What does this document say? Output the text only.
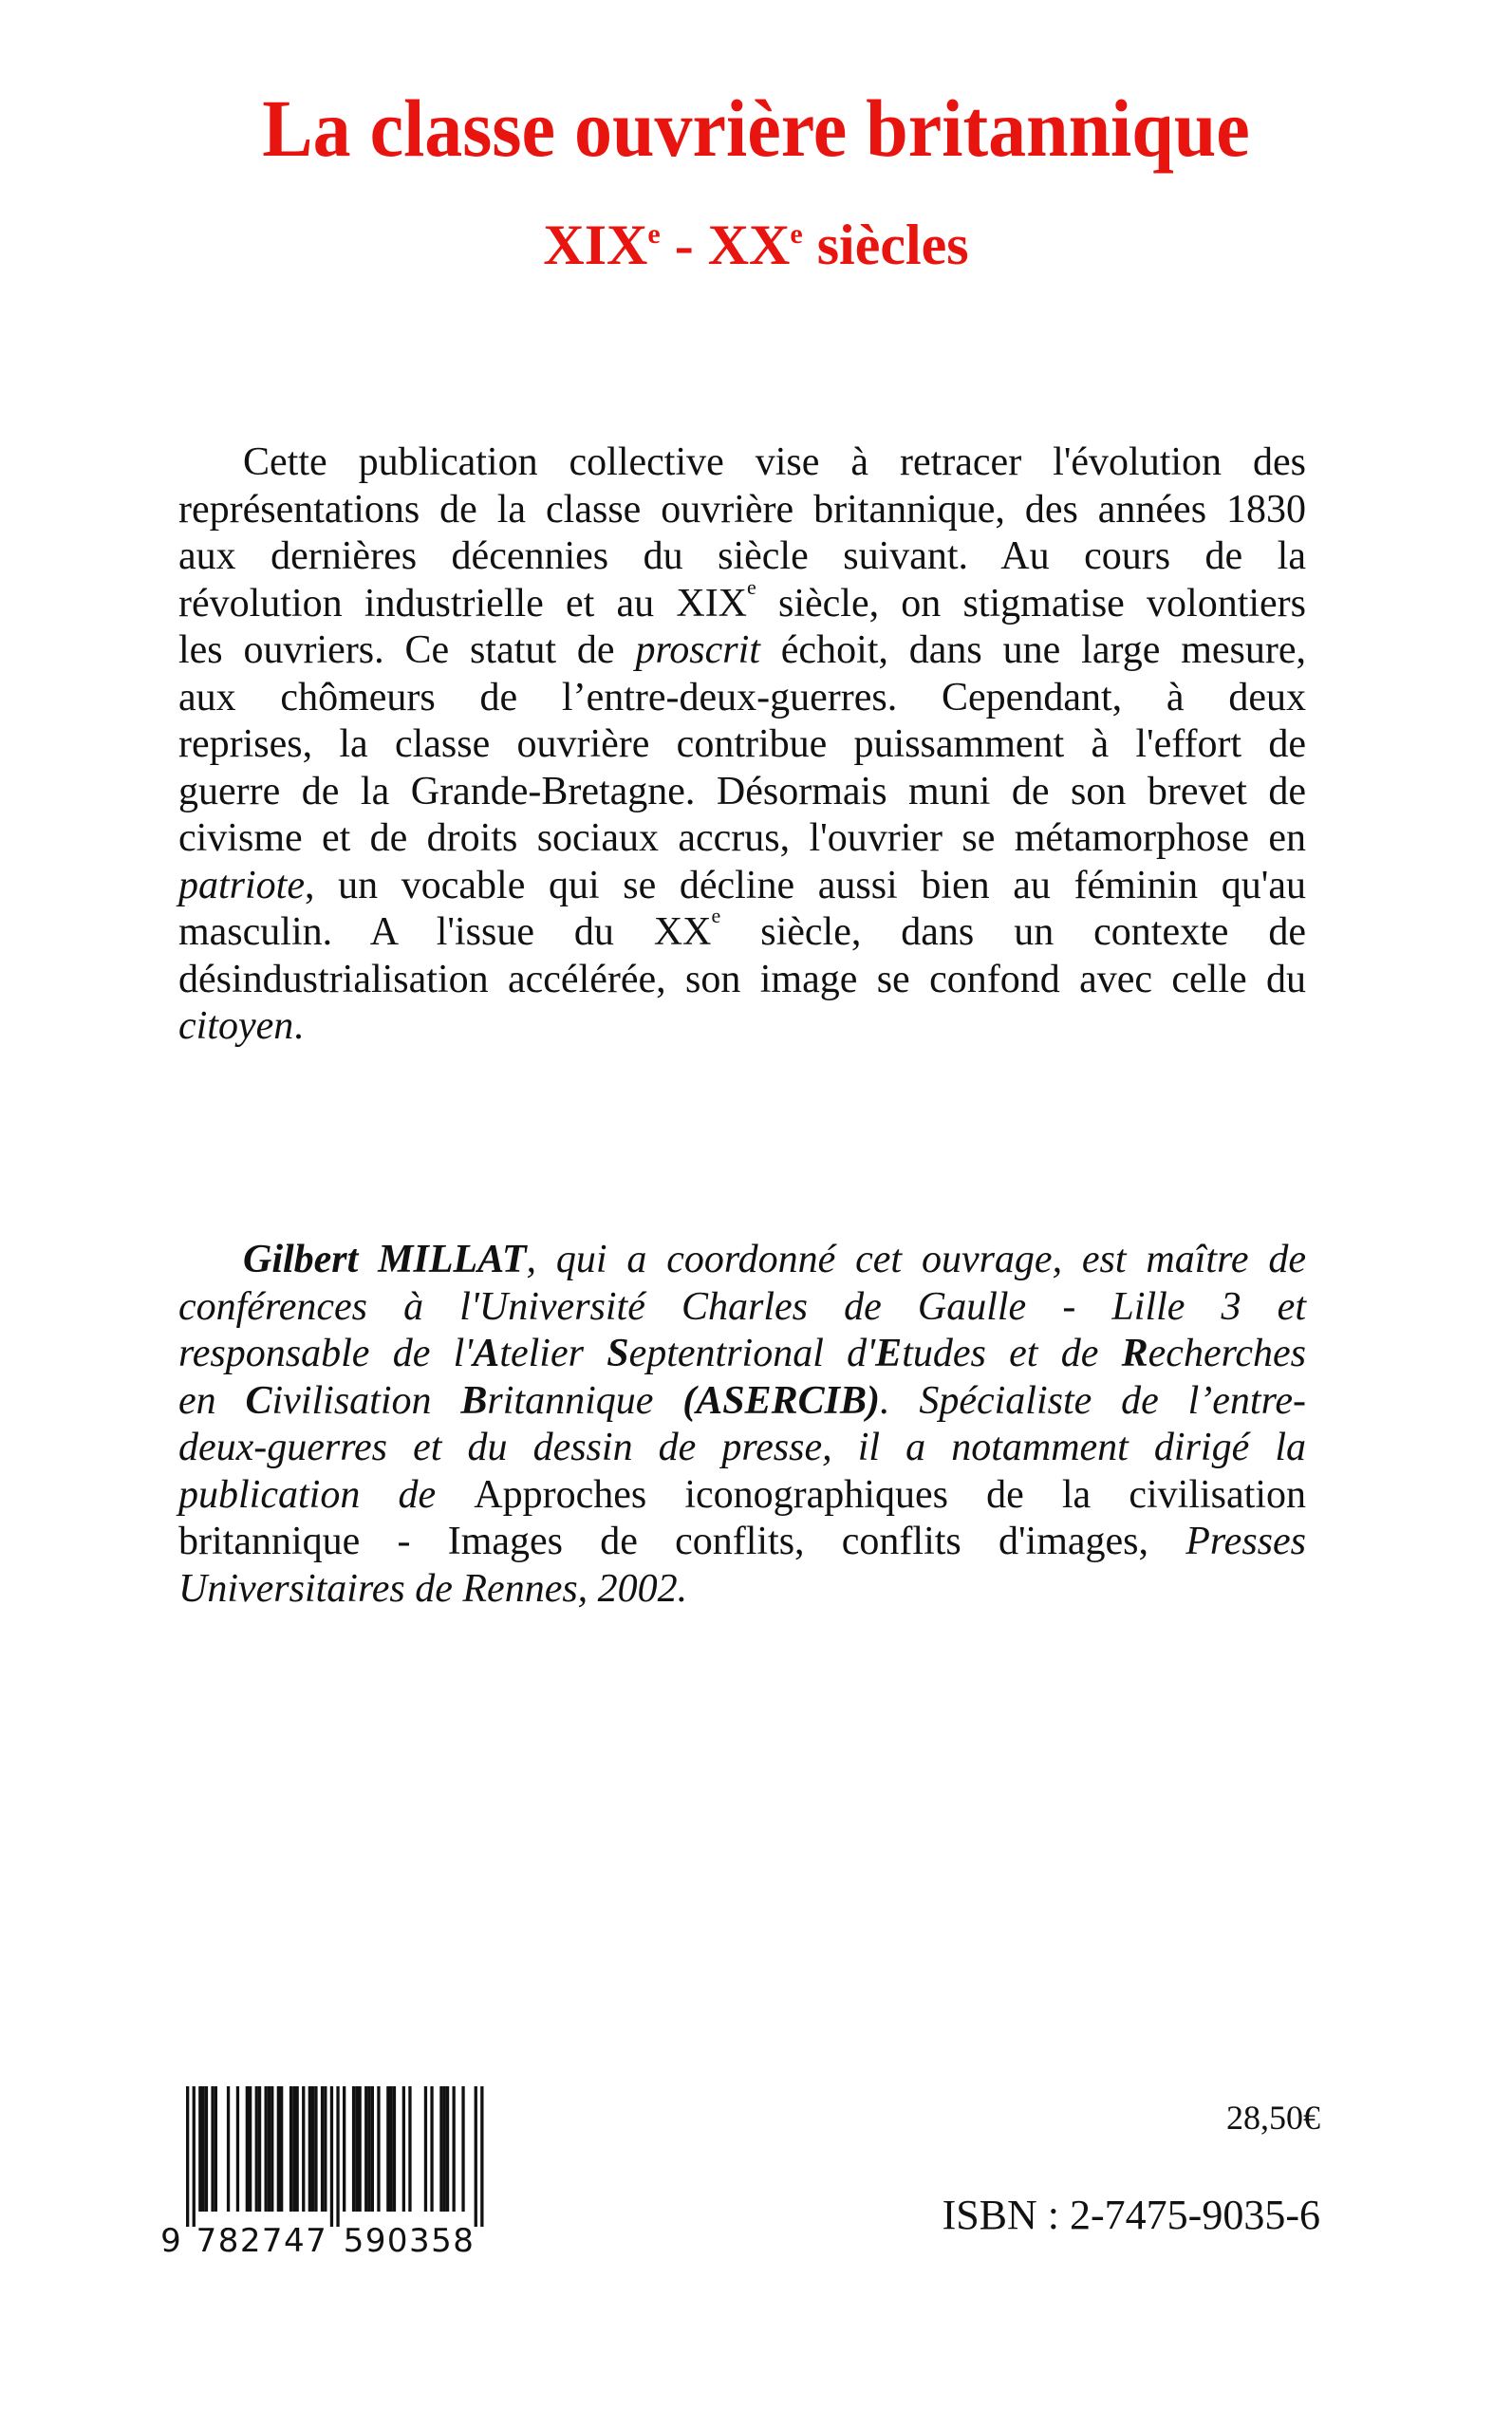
La classe ouvrière britannique
XIXe - XXe siècles
Cette publication collective vise à retracer l'évolution des
représentations de la classe ouvrière britannique, des années 1830
aux dernières décennies du siècle suivant. Au cours de la
révolution industrielle et au XIXe siècle, on stigmatise volontiers
les ouvriers. Ce statut de proscrit échoit, dans une large mesure,
aux chômeurs de l’entre-deux-guerres. Cependant, à deux
reprises, la classe ouvrière contribue puissamment à l'effort de
guerre de la Grande-Bretagne. Désormais muni de son brevet de
civisme et de droits sociaux accrus, l'ouvrier se métamorphose en
patriote, un vocable qui se décline aussi bien au féminin qu'au
masculin. A l'issue du XXe siècle, dans un contexte de
désindustrialisation accélérée, son image se confond avec celle du
citoyen.
Gilbert MILLAT, qui a coordonné cet ouvrage, est maître de
conférences à l'Université Charles de Gaulle - Lille 3 et
responsable de l'Atelier Septentrional d'Etudes et de Recherches
en Civilisation Britannique (ASERCIB). Spécialiste de l’entre-
deux-guerres et du dessin de presse, il a notamment dirigé la
publication de Approches iconographiques de la civilisation
britannique - Images de conflits, conflits d'images, Presses
Universitaires de Rennes, 2002.
9 7 8 2 7 4 7 5 9 0 3 5 8
28,50€
ISBN : 2-7475-9035-6
